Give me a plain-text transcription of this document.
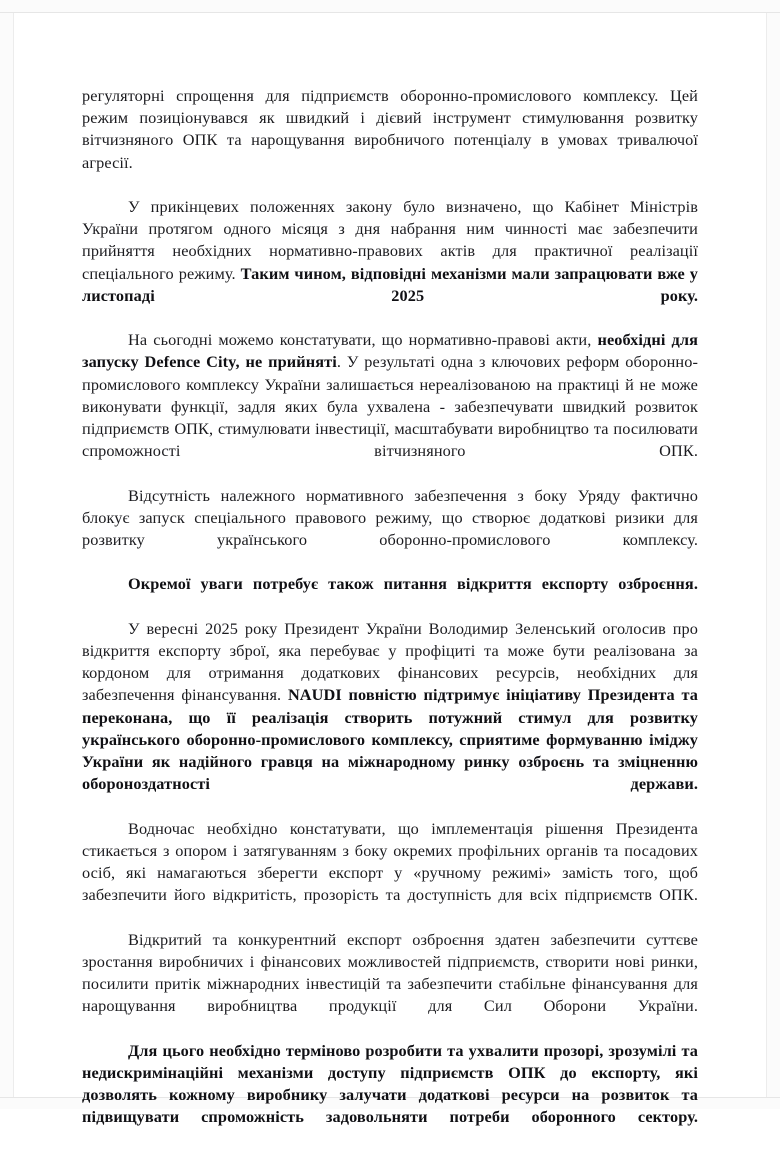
регуляторні спрощення для підприємств оборонно-промислового комплексу. Цей режим позиціонувався як швидкий і дієвий інструмент стимулювання розвитку вітчизняного ОПК та нарощування виробничого потенціалу в умовах тривалючої агресії.

У прикінцевих положеннях закону було визначено, що Кабінет Міністрів України протягом одного місяця з дня набрання ним чинності має забезпечити прийняття необхідних нормативно-правових актів для практичної реалізації спеціального режиму. Таким чином, відповідні механізми мали запрацювати вже у листопаді 2025 року.

На сьогодні можемо констатувати, що нормативно-правові акти, необхідні для запуску Defence City, не прийняті. У результаті одна з ключових реформ оборонно-промислового комплексу України залишається нереалізованою на практиці й не може виконувати функції, задля яких була ухвалена - забезпечувати швидкий розвиток підприємств ОПК, стимулювати інвестиції, масштабувати виробництво та посилювати спроможності вітчизняного ОПК.

Відсутність належного нормативного забезпечення з боку Уряду фактично блокує запуск спеціального правового режиму, що створює додаткові ризики для розвитку українського оборонно-промислового комплексу.

Окремої уваги потребує також питання відкриття експорту озброєння.

У вересні 2025 року Президент України Володимир Зеленський оголосив про відкриття експорту зброї, яка перебуває у профіциті та може бути реалізована за кордоном для отримання додаткових фінансових ресурсів, необхідних для забезпечення фінансування. NAUDI повністю підтримує ініціативу Президента та переконана, що її реалізація створить потужний стимул для розвитку українського оборонно-промислового комплексу, сприятиме формуванню іміджу України як надійного гравця на міжнародному ринку озброєнь та зміцненню обороноздатності держави.

Водночас необхідно констатувати, що імплементація рішення Президента стикається з опором і затягуванням з боку окремих профільних органів та посадових осіб, які намагаються зберегти експорт у «ручному режимі» замість того, щоб забезпечити його відкритість, прозорість та доступність для всіх підприємств ОПК.

Відкритий та конкурентний експорт озброєння здатен забезпечити суттєве зростання виробничих і фінансових можливостей підприємств, створити нові ринки, посилити притік міжнародних інвестицій та забезпечити стабільне фінансування для нарощування виробництва продукції для Сил Оборони України.

Для цього необхідно терміново розробити та ухвалити прозорі, зрозумілі та недискримінаційні механізми доступу підприємств ОПК до експорту, які дозволять кожному виробнику залучати додаткові ресурси на розвиток та підвищувати спроможність задовольняти потреби оборонного сектору.
